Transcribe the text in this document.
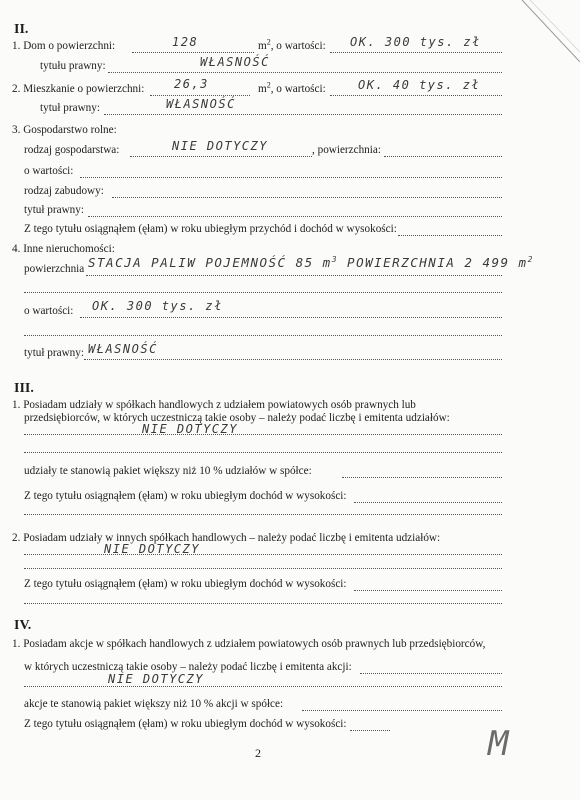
II.
1. Dom o powierzchni:	128	$m^2$, o wartości: OK. 300 tys. zł
tytułu prawny:	WŁASNOŚĆ
2. Mieszkanie o powierzchni: 26,3	$m^2$, o wartości:	OK. 40 tys. zł
tytuł prawny:	WŁASNOŚĆ
3. Gospodarstwo rolne:
rodzaj gospodarstwa:	NIE DOTYCZY	, powierzchnia:
o wartości:
rodzaj zabudowy:
tytuł prawny:
Z tego tytułu osiągnąłem (ęłam) w roku ubiegłym przychód i dochód w wysokości:
4. Inne nieruchomości:
powierzchnia STACJA PALIW POJEMNOŚĆ 85 $m^3$ POWIERZCHNIA 2 499 $m^2$
o wartości: OK. 300 tys. zł
tytuł prawny: WŁASNOŚĆ
III.
1. Posiadam udziały w spółkach handlowych z udziałem powiatowych osób prawnych lub
przedsiębiorców, w których uczestniczą takie osoby – należy podać liczbę i emitenta udziałów:
NIE DOTYCZY
udziały te stanowią pakiet większy niż 10 % udziałów w spółce:
Z tego tytułu osiągnąłem (ęłam) w roku ubiegłym dochód w wysokości:
2. Posiadam udziały w innych spółkach handlowych – należy podać liczbę i emitenta udziałów:
NIE DOTYCZY
Z tego tytułu osiągnąłem (ęłam) w roku ubiegłym dochód w wysokości:
IV.
1. Posiadam akcje w spółkach handlowych z udziałem powiatowych osób prawnych lub przedsiębiorców,
w których uczestniczą takie osoby – należy podać liczbę i emitenta akcji:
NIE DOTYCZY
akcje te stanowią pakiet większy niż 10 % akcji w spółce:
Z tego tytułu osiągnąłem (ęłam) w roku ubiegłym dochód w wysokości:	M
2
